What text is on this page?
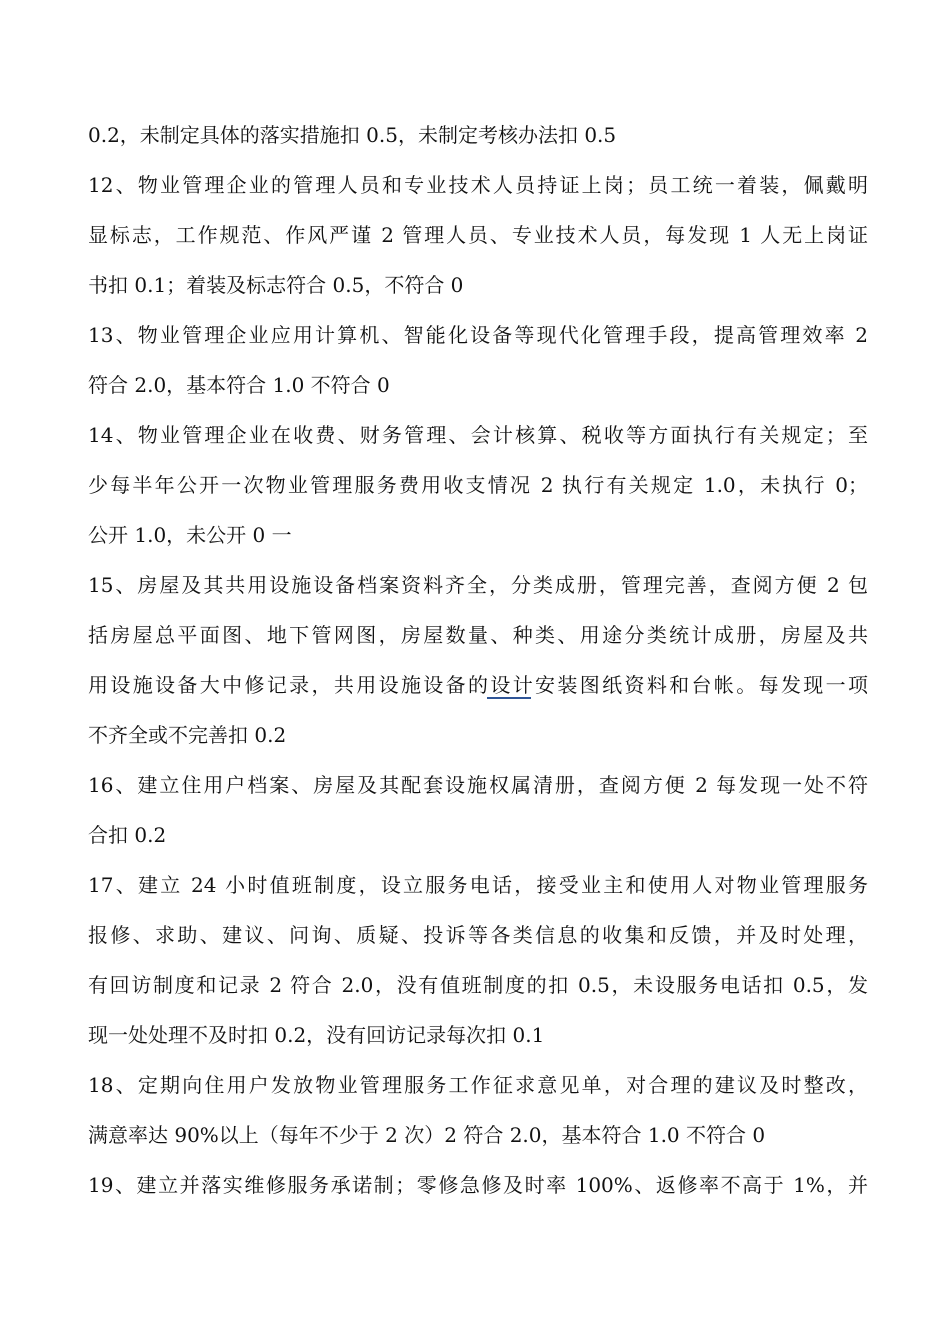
0.2，未制定具体的落实措施扣 0.5，未制定考核办法扣 0.5
12、物业管理企业的管理人员和专业技术人员持证上岗；员工统一着装，佩戴明
显标志，工作规范、作风严谨 2 管理人员、专业技术人员，每发现 1 人无上岗证
书扣 0.1；着装及标志符合 0.5，不符合 0
13、物业管理企业应用计算机、智能化设备等现代化管理手段，提高管理效率 2
符合 2.0，基本符合 1.0 不符合 0
14、物业管理企业在收费、财务管理、会计核算、税收等方面执行有关规定；至
少每半年公开一次物业管理服务费用收支情况 2 执行有关规定 1.0，未执行 0；
公开 1.0，未公开 0 一
15、房屋及其共用设施设备档案资料齐全，分类成册，管理完善，查阅方便 2 包
括房屋总平面图、地下管网图，房屋数量、种类、用途分类统计成册，房屋及共
用设施设备大中修记录，共用设施设备的设计安装图纸资料和台帐。每发现一项
不齐全或不完善扣 0.2
16、建立住用户档案、房屋及其配套设施权属清册，查阅方便 2 每发现一处不符
合扣 0.2
17、建立 24 小时值班制度，设立服务电话，接受业主和使用人对物业管理服务
报修、求助、建议、问询、质疑、投诉等各类信息的收集和反馈，并及时处理，
有回访制度和记录 2 符合 2.0，没有值班制度的扣 0.5，未设服务电话扣 0.5，发
现一处处理不及时扣 0.2，没有回访记录每次扣 0.1
18、定期向住用户发放物业管理服务工作征求意见单，对合理的建议及时整改，
满意率达 90%以上（每年不少于 2 次）2 符合 2.0，基本符合 1.0 不符合 0
19、建立并落实维修服务承诺制；零修急修及时率 100%、返修率不高于 1%，并
